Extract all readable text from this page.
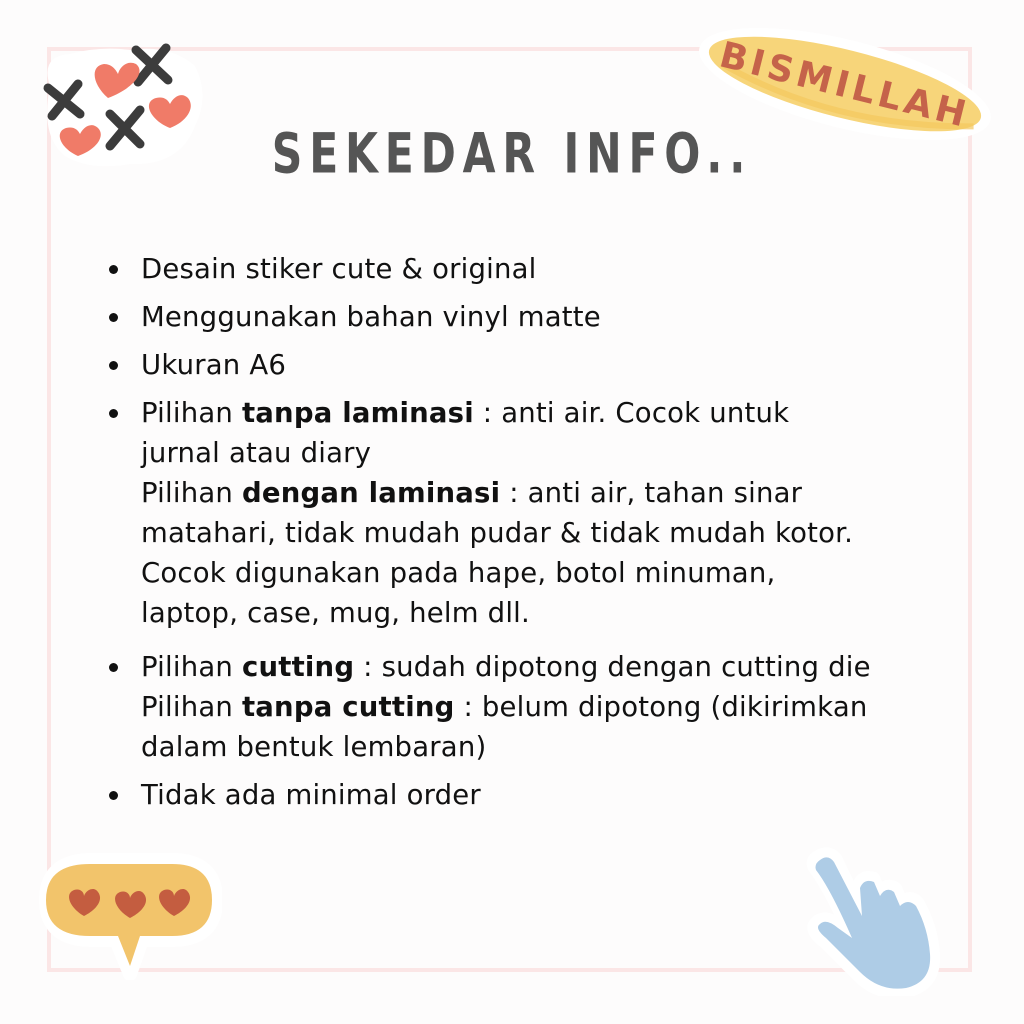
BISMILLAH
SEKEDAR INFO..
Desain stiker cute & original
Menggunakan bahan vinyl matte
Ukuran A6
Pilihan tanpa laminasi : anti air. Cocok untuk
jurnal atau diary
Pilihan dengan laminasi : anti air, tahan sinar
matahari, tidak mudah pudar & tidak mudah kotor.
Cocok digunakan pada hape, botol minuman,
laptop, case, mug, helm dll.
Pilihan cutting : sudah dipotong dengan cutting die
Pilihan tanpa cutting : belum dipotong (dikirimkan
dalam bentuk lembaran)
Tidak ada minimal order
